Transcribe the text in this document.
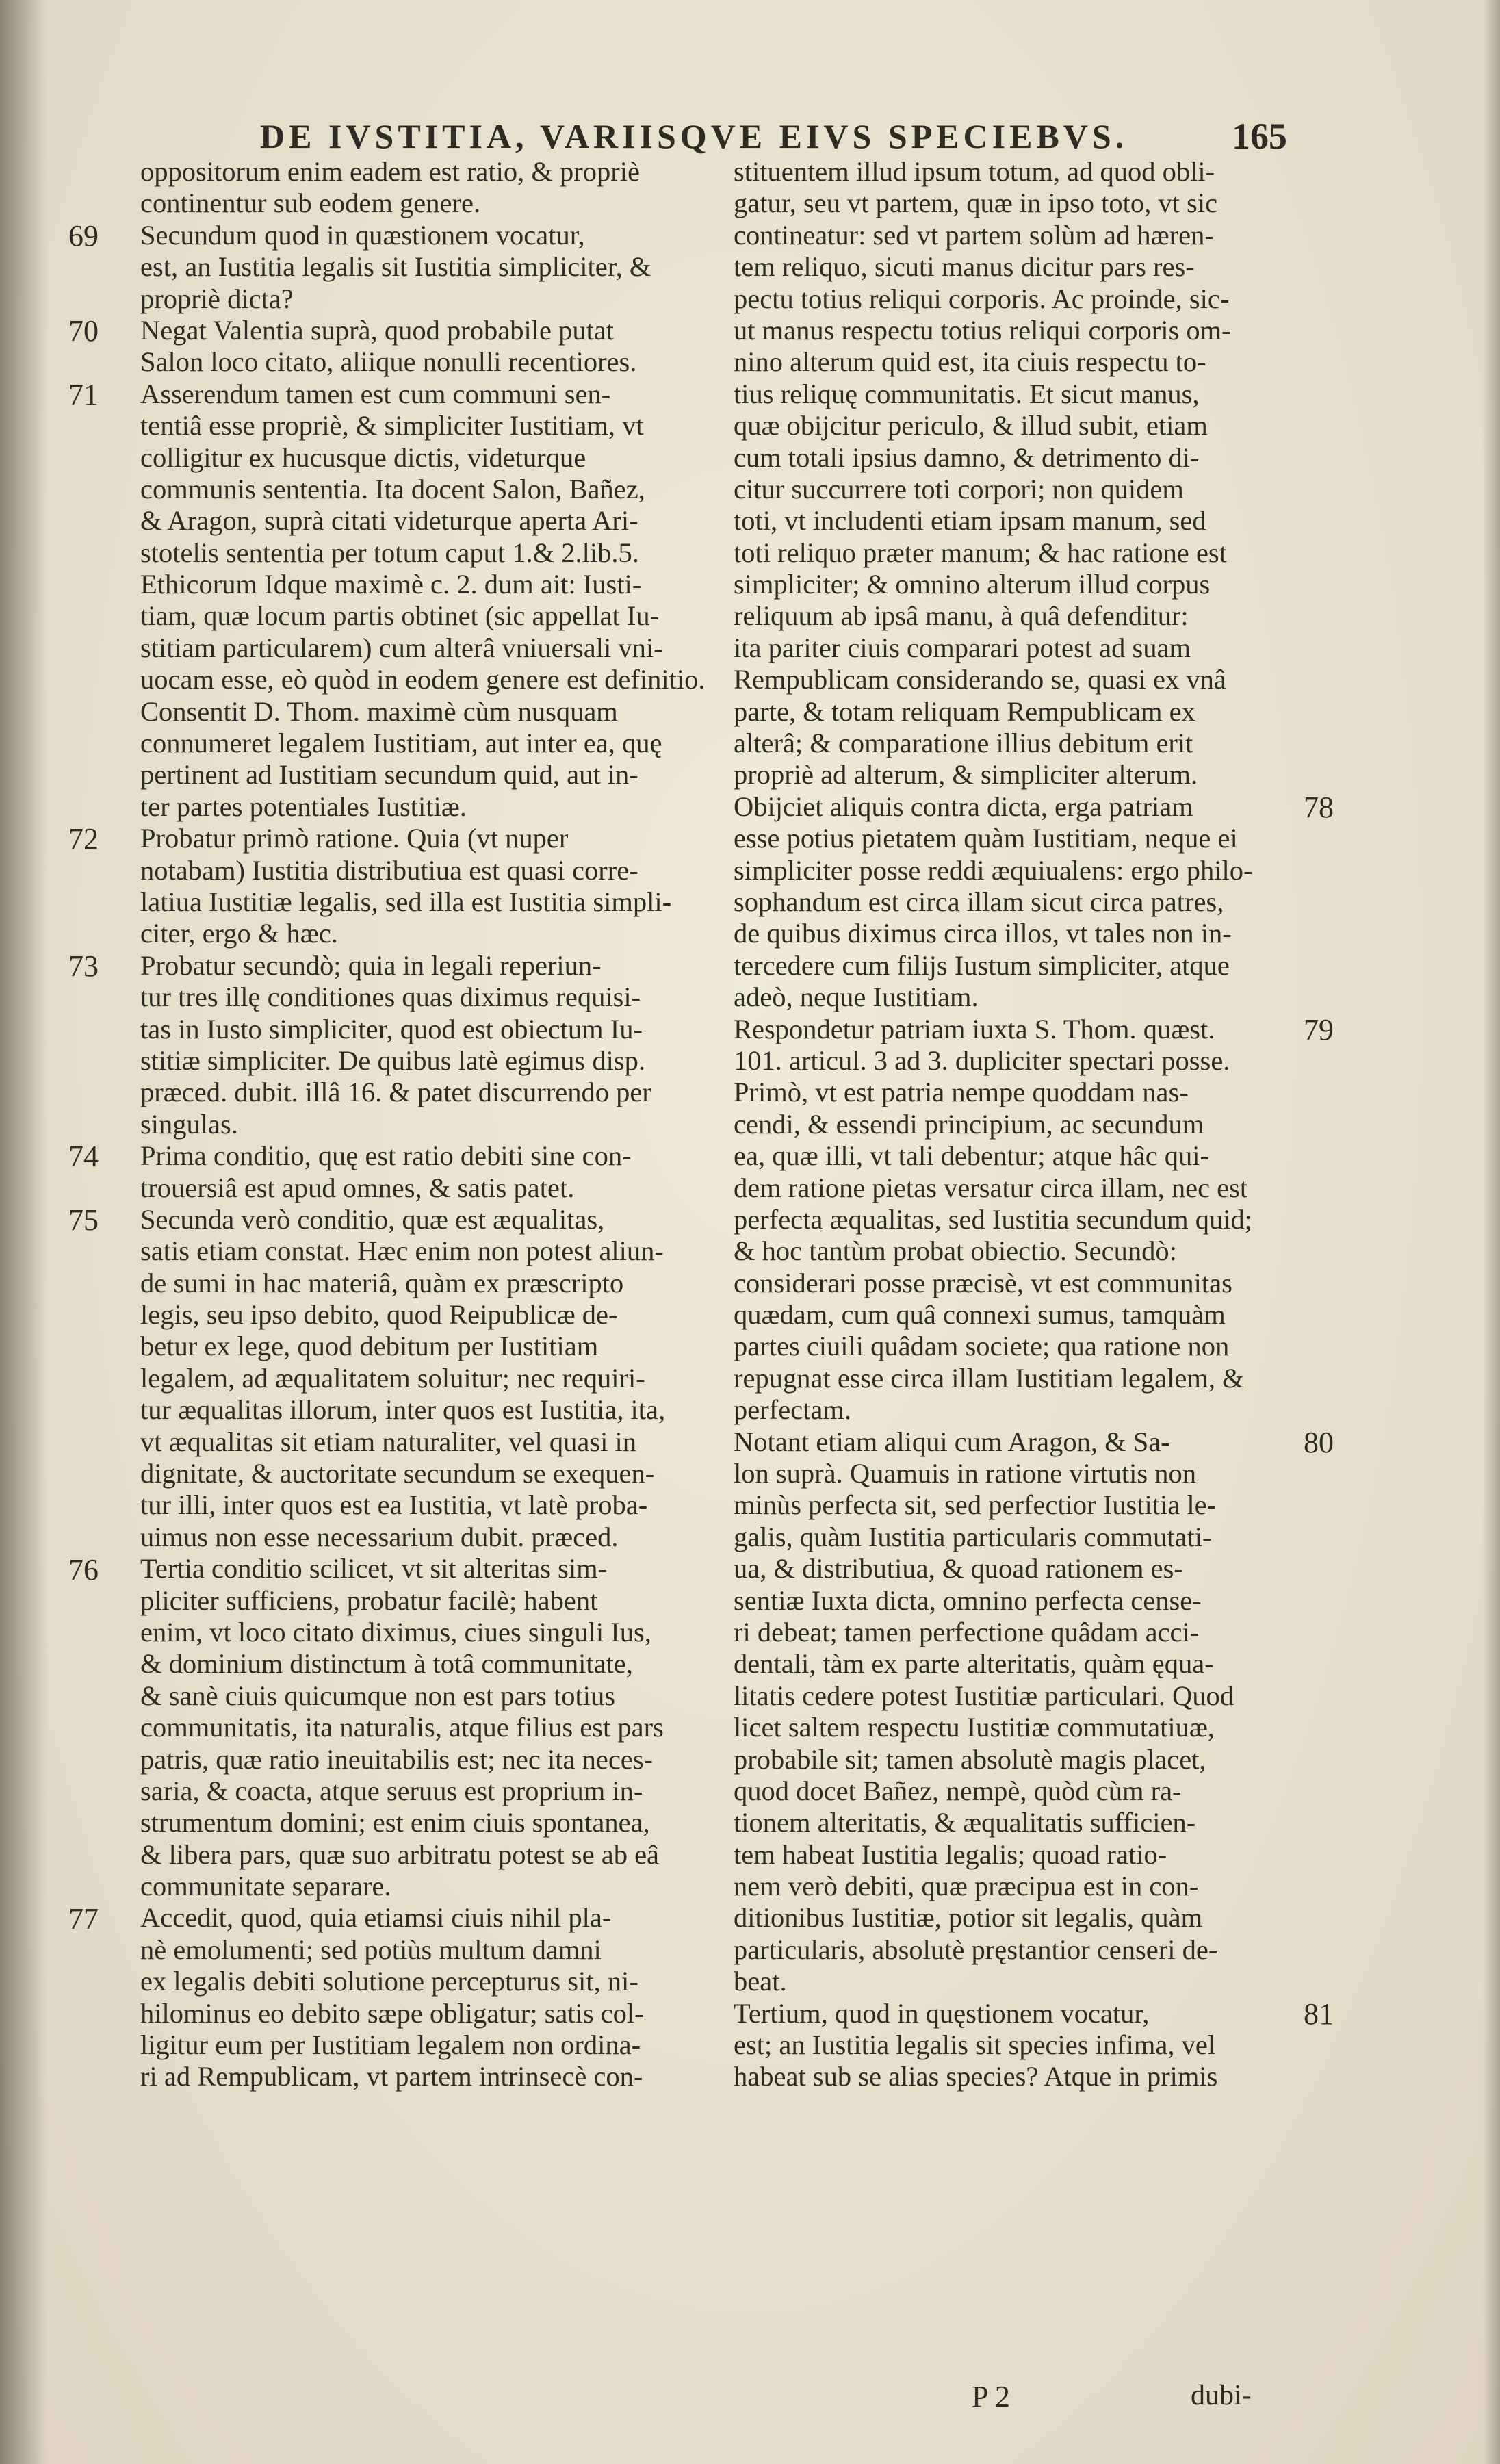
DE IVSTITIA, VARIISQVE EIVS SPECIEBVS.	165
oppositorum enim eadem est ratio, & propriè
continentur sub eodem genere.
Secundum quod in quæstionem vocatur,
est, an Iustitia legalis sit Iustitia simpliciter, &
propriè dicta?
Negat Valentia suprà, quod probabile putat
Salon loco citato, aliique nonulli recentiores.
Asserendum tamen est cum communi sen-
tentiâ esse propriè, & simpliciter Iustitiam, vt
colligitur ex hucusque dictis, videturque
communis sententia. Ita docent Salon, Bañez,
& Aragon, suprà citati videturque aperta Ari-
stotelis sententia per totum caput 1.& 2.lib.5.
Ethicorum Idque maximè c. 2. dum ait: Iusti-
tiam, quæ locum partis obtinet (sic appellat Iu-
stitiam particularem) cum alterâ vniuersali vni-
uocam esse, eò quòd in eodem genere est definitio.
Consentit D. Thom. maximè cùm nusquam
connumeret legalem Iustitiam, aut inter ea, quę
pertinent ad Iustitiam secundum quid, aut in-
ter partes potentiales Iustitiæ.
Probatur primò ratione. Quia (vt nuper
notabam) Iustitia distributiua est quasi corre-
latiua Iustitiæ legalis, sed illa est Iustitia simpli-
citer, ergo & hæc.
Probatur secundò; quia in legali reperiun-
tur tres illę conditiones quas diximus requisi-
tas in Iusto simpliciter, quod est obiectum Iu-
stitiæ simpliciter. De quibus latè egimus disp.
præced. dubit. illâ 16. & patet discurrendo per
singulas.
Prima conditio, quę est ratio debiti sine con-
trouersiâ est apud omnes, & satis patet.
Secunda verò conditio, quæ est æqualitas,
satis etiam constat. Hæc enim non potest aliun-
de sumi in hac materiâ, quàm ex præscripto
legis, seu ipso debito, quod Reipublicæ de-
betur ex lege, quod debitum per Iustitiam
legalem, ad æqualitatem soluitur; nec requiri-
tur æqualitas illorum, inter quos est Iustitia, ita,
vt æqualitas sit etiam naturaliter, vel quasi in
dignitate, & auctoritate secundum se exequen-
tur illi, inter quos est ea Iustitia, vt latè proba-
uimus non esse necessarium dubit. præced.
Tertia conditio scilicet, vt sit alteritas sim-
pliciter sufficiens, probatur facilè; habent
enim, vt loco citato diximus, ciues singuli Ius,
& dominium distinctum à totâ communitate,
& sanè ciuis quicumque non est pars totius
communitatis, ita naturalis, atque filius est pars
patris, quæ ratio ineuitabilis est; nec ita neces-
saria, & coacta, atque seruus est proprium in-
strumentum domini; est enim ciuis spontanea,
& libera pars, quæ suo arbitratu potest se ab eâ
communitate separare.
Accedit, quod, quia etiamsi ciuis nihil pla-
nè emolumenti; sed potiùs multum damni
ex legalis debiti solutione percepturus sit, ni-
hilominus eo debito sæpe obligatur; satis col-
ligitur eum per Iustitiam legalem non ordina-
ri ad Rempublicam, vt partem intrinsecè con-
stituentem illud ipsum totum, ad quod obli-
gatur, seu vt partem, quæ in ipso toto, vt sic
contineatur: sed vt partem solùm ad hæren-
tem reliquo, sicuti manus dicitur pars res-
pectu totius reliqui corporis. Ac proinde, sic-
ut manus respectu totius reliqui corporis om-
nino alterum quid est, ita ciuis respectu to-
tius reliquę communitatis. Et sicut manus,
quæ obijcitur periculo, & illud subit, etiam
cum totali ipsius damno, & detrimento di-
citur succurrere toti corpori; non quidem
toti, vt includenti etiam ipsam manum, sed
toti reliquo præter manum; & hac ratione est
simpliciter; & omnino alterum illud corpus
reliquum ab ipsâ manu, à quâ defenditur:
ita pariter ciuis comparari potest ad suam
Rempublicam considerando se, quasi ex vnâ
parte, & totam reliquam Rempublicam ex
alterâ; & comparatione illius debitum erit
propriè ad alterum, & simpliciter alterum.
Obijciet aliquis contra dicta, erga patriam
esse potius pietatem quàm Iustitiam, neque ei
simpliciter posse reddi æquiualens: ergo philo-
sophandum est circa illam sicut circa patres,
de quibus diximus circa illos, vt tales non in-
tercedere cum filijs Iustum simpliciter, atque
adeò, neque Iustitiam.
Respondetur patriam iuxta S. Thom. quæst.
101. articul. 3 ad 3. dupliciter spectari posse.
Primò, vt est patria nempe quoddam nas-
cendi, & essendi principium, ac secundum
ea, quæ illi, vt tali debentur; atque hâc qui-
dem ratione pietas versatur circa illam, nec est
perfecta æqualitas, sed Iustitia secundum quid;
& hoc tantùm probat obiectio. Secundò:
considerari posse præcisè, vt est communitas
quædam, cum quâ connexi sumus, tamquàm
partes ciuili quâdam societe; qua ratione non
repugnat esse circa illam Iustitiam legalem, &
perfectam.
Notant etiam aliqui cum Aragon, & Sa-
lon suprà. Quamuis in ratione virtutis non
minùs perfecta sit, sed perfectior Iustitia le-
galis, quàm Iustitia particularis commutati-
ua, & distributiua, & quoad rationem es-
sentiæ Iuxta dicta, omnino perfecta cense-
ri debeat; tamen perfectione quâdam acci-
dentali, tàm ex parte alteritatis, quàm ęqua-
litatis cedere potest Iustitiæ particulari. Quod
licet saltem respectu Iustitiæ commutatiuæ,
probabile sit; tamen absolutè magis placet,
quod docet Bañez, nempè, quòd cùm ra-
tionem alteritatis, & æqualitatis sufficien-
tem habeat Iustitia legalis; quoad ratio-
nem verò debiti, quæ præcipua est in con-
ditionibus Iustitiæ, potior sit legalis, quàm
particularis, absolutè pręstantior censeri de-
beat.
Tertium, quod in quęstionem vocatur,
est; an Iustitia legalis sit species infima, vel
habeat sub se alias species? Atque in primis
69
70
71
72
73
74
75
76
77
78
79
80
81
P 2	dubi-
